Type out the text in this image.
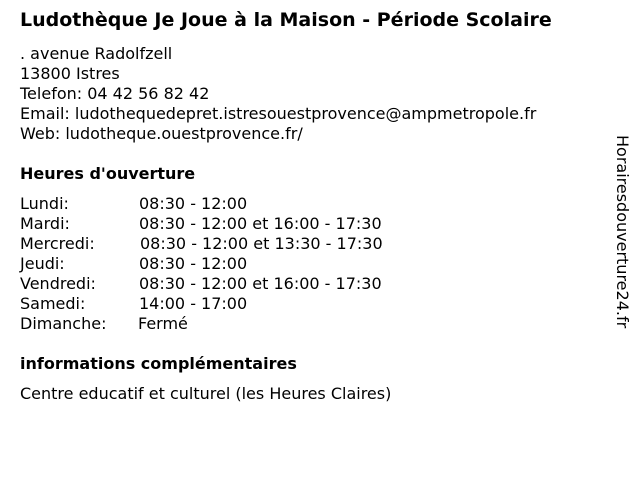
Ludothèque Je Joue à la Maison - Période Scolaire
. avenue Radolfzell
13800 Istres
Telefon: 04 42 56 82 42
Email: ludothequedepret.istresouestprovence@ampmetropole.fr
Web: ludotheque.ouestprovence.fr/
Heures d'ouverture
Lundi:	08:30 - 12:00
Mardi:	08:30 - 12:00 et 16:00 - 17:30
Mercredi:	08:30 - 12:00 et 13:30 - 17:30
Jeudi:	08:30 - 12:00
Vendredi:	08:30 - 12:00 et 16:00 - 17:30
Samedi:	14:00 - 17:00
Dimanche: Fermé
informations complémentaires
Centre educatif et culturel (les Heures Claires)
Horairesdouverture24.fr
